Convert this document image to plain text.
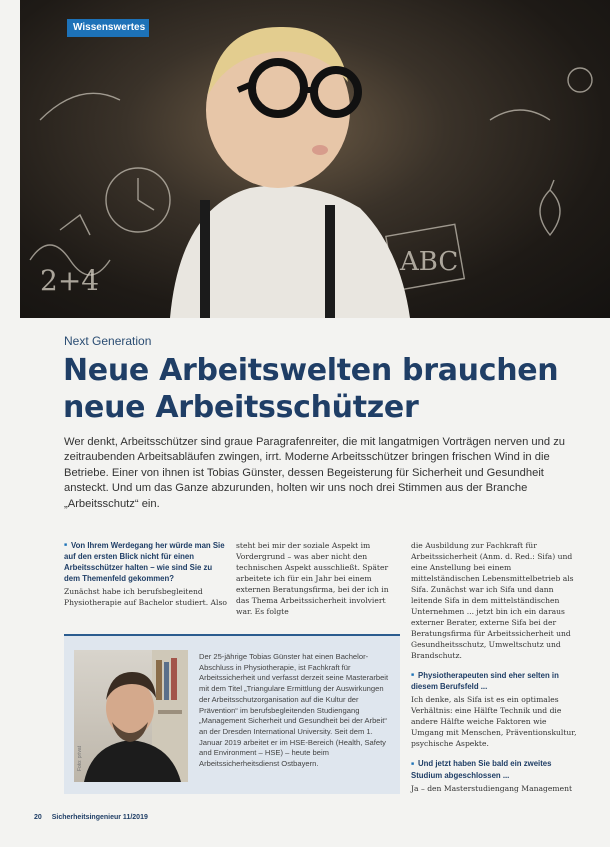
ABC
2+4
Wissenswertes
Next Generation
Neue Arbeitswelten brauchen
neue Arbeitsschützer

Wer denkt, Arbeitsschützer sind graue Paragrafenreiter, die mit langatmigen Vorträgen nerven und zu zeitraubenden Arbeitsabläufen zwingen, irrt. Moderne Arbeitsschützer bringen frischen Wind in die Betriebe. Einer von ihnen ist Tobias Günster, dessen Begeisterung für Sicherheit und Gesundheit ansteckt. Und um das Ganze abzurunden, holten wir uns noch drei Stimmen aus der Branche „Arbeitsschutz“ ein.

■ Von Ihrem Werdegang her würde man Sie auf den ersten Blick nicht für einen Arbeitsschützer halten – wie sind Sie zu dem Themenfeld gekommen?
Zunächst habe ich berufsbegleitend Physiotherapie auf Bachelor studiert. Also
steht bei mir der soziale Aspekt im Vordergrund – was aber nicht den technischen Aspekt ausschließt. Später arbeitete ich für ein Jahr bei einem externen Beratungsfirma, bei der ich in das Thema Arbeitssicherheit involviert war. Es folgte
die Ausbildung zur Fachkraft für Arbeitssicherheit (Anm. d. Red.: Sifa) und eine Anstellung bei einem mittelständischen Lebensmittelbetrieb als Sifa. Zunächst war ich Sifa und dann leitende Sifa in dem mittelständischen Unternehmen ... jetzt bin ich ein daraus externer Berater, externe Sifa bei der Beratungsfirma für Arbeitssicherheit und Gesundheitsschutz, Umweltschutz und Brandschutz.
■ Physiotherapeuten sind eher selten in diesem Berufsfeld ...
Ich denke, als Sifa ist es ein optimales Verhältnis: eine Hälfte Technik und die andere Hälfte weiche Faktoren wie Umgang mit Menschen, Präventionskultur, psychische Aspekte.
■ Und jetzt haben Sie bald ein zweites Studium abgeschlossen ...
Ja – den Masterstudiengang Management
Foto: privat
Der 25-jährige Tobias Günster hat einen Bachelor-Abschluss in Physiotherapie, ist Fachkraft für Arbeitssicherheit und verfasst derzeit seine Masterarbeit mit dem Titel „Triangulare Ermittlung der Auswirkungen der Arbeitsschutzorganisation auf die Kultur der Prävention“ im berufsbegleitenden Studiengang „Management Sicherheit und Gesundheit bei der Arbeit“ an der Dresden International University. Seit dem 1. Januar 2019 arbeitet er im HSE-Bereich (Health, Safety and Environment – HSE) – heute beim Arbeitssicherheitsdienst Ostbayern.
20 Sicherheitsingenieur 11/2019
